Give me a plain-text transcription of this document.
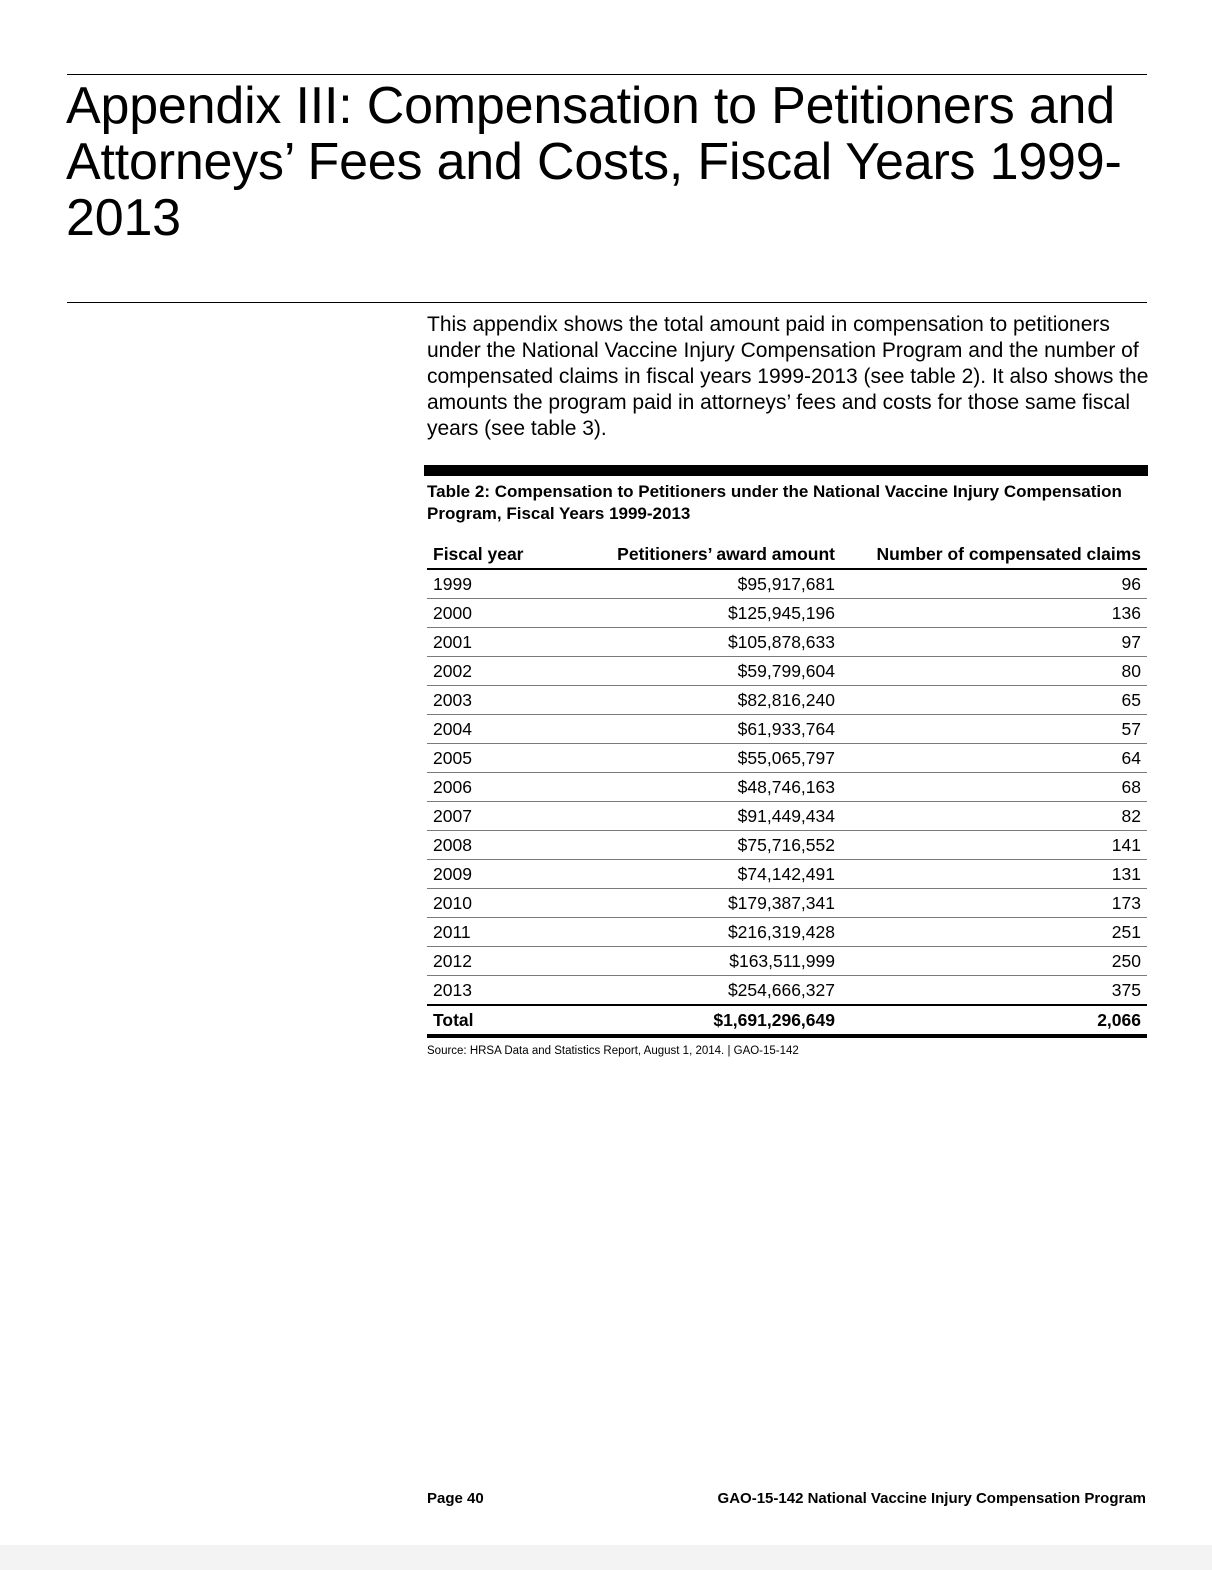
Appendix III: Compensation to Petitioners and Attorneys’ Fees and Costs, Fiscal Years 1999-2013

This appendix shows the total amount paid in compensation to petitioners under the National Vaccine Injury Compensation Program and the number of compensated claims in fiscal years 1999-2013 (see table 2). It also shows the amounts the program paid in attorneys’ fees and costs for those same fiscal years (see table 3).

Table 2: Compensation to Petitioners under the National Vaccine Injury Compensation Program, Fiscal Years 1999-2013

Fiscal year	Petitioners’ award amount	Number of compensated claims
1999	$95,917,681	96
2000	$125,945,196	136
2001	$105,878,633	97
2002	$59,799,604	80
2003	$82,816,240	65
2004	$61,933,764	57
2005	$55,065,797	64
2006	$48,746,163	68
2007	$91,449,434	82
2008	$75,716,552	141
2009	$74,142,491	131
2010	$179,387,341	173
2011	$216,319,428	251
2012	$163,511,999	250
2013	$254,666,327	375
Total	$1,691,296,649	2,066

Source: HRSA Data and Statistics Report, August 1, 2014. | GAO-15-142

Page 40	GAO-15-142 National Vaccine Injury Compensation Program
